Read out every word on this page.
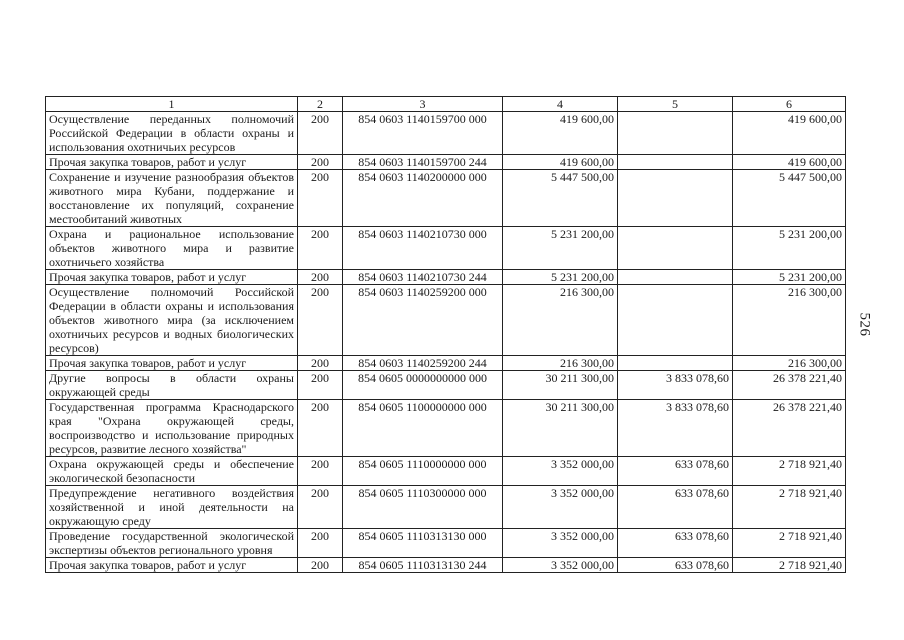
1	2	3	4	5	6
Осуществление переданных полномочий Российской Федерации в области охраны и использования охотничьих ресурсов	200	854 0603 1140159700 000	419 600,00		419 600,00
Прочая закупка товаров, работ и услуг	200	854 0603 1140159700 244	419 600,00		419 600,00
Сохранение и изучение разнообразия объектов животного мира Кубани, поддержание и восстановление их популяций, сохранение местообитаний животных	200	854 0603 1140200000 000	5 447 500,00		5 447 500,00
Охрана и рациональное использование объектов животного мира и развитие охотничьего хозяйства	200	854 0603 1140210730 000	5 231 200,00		5 231 200,00
Прочая закупка товаров, работ и услуг	200	854 0603 1140210730 244	5 231 200,00		5 231 200,00
Осуществление полномочий Российской Федерации в области охраны и использования объектов животного мира (за исключением охотничьих ресурсов и водных биологических ресурсов)	200	854 0603 1140259200 000	216 300,00		216 300,00
Прочая закупка товаров, работ и услуг	200	854 0603 1140259200 244	216 300,00		216 300,00
Другие вопросы в области охраны окружающей среды	200	854 0605 0000000000 000	30 211 300,00	3 833 078,60	26 378 221,40
Государственная программа Краснодарского края "Охрана окружающей среды, воспроизводство и использование природных ресурсов, развитие лесного хозяйства"	200	854 0605 1100000000 000	30 211 300,00	3 833 078,60	26 378 221,40
Охрана окружающей среды и обеспечение экологической безопасности	200	854 0605 1110000000 000	3 352 000,00	633 078,60	2 718 921,40
Предупреждение негативного воздействия хозяйственной и иной деятельности на окружающую среду	200	854 0605 1110300000 000	3 352 000,00	633 078,60	2 718 921,40
Проведение государственной экологической экспертизы объектов регионального уровня	200	854 0605 1110313130 000	3 352 000,00	633 078,60	2 718 921,40
Прочая закупка товаров, работ и услуг	200	854 0605 1110313130 244	3 352 000,00	633 078,60	2 718 921,40
526
